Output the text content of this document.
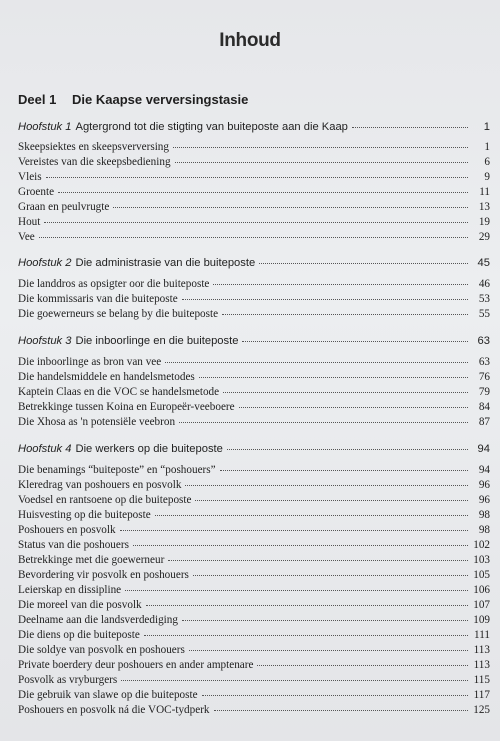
Inhoud
Deel 1 Die Kaapse verversingstasie
Hoofstuk 1 Agtergrond tot die stigting van buiteposte aan die Kaap	1
Skeepsiektes en skeepsverversing	1
Vereistes van die skeepsbediening	6
Vleis	9
Groente	11
Graan en peulvrugte	13
Hout	19
Vee	29
Hoofstuk 2 Die administrasie van die buiteposte	45
Die landdros as opsigter oor die buiteposte	46
Die kommissaris van die buiteposte	53
Die goewerneurs se belang by die buiteposte	55
Hoofstuk 3 Die inboorlinge en die buiteposte	63
Die inboorlinge as bron van vee	63
Die handelsmiddele en handelsmetodes	76
Kaptein Claas en die VOC se handelsmetode	79
Betrekkinge tussen Koina en Europeër-veeboere	84
Die Xhosa as 'n potensiële veebron	87
Hoofstuk 4 Die werkers op die buiteposte	94
Die benamings “buiteposte” en “poshouers”	94
Kleredrag van poshouers en posvolk	96
Voedsel en rantsoene op die buiteposte	96
Huisvesting op die buiteposte	98
Poshouers en posvolk	98
Status van die poshouers	102
Betrekkinge met die goewerneur	103
Bevordering vir posvolk en poshouers	105
Leierskap en dissipline	106
Die moreel van die posvolk	107
Deelname aan die landsverdediging	109
Die diens op die buiteposte	111
Die soldye van posvolk en poshouers	113
Private boerdery deur poshouers en ander amptenare	113
Posvolk as vryburgers	115
Die gebruik van slawe op die buiteposte	117
Poshouers en posvolk ná die VOC-tydperk	125
